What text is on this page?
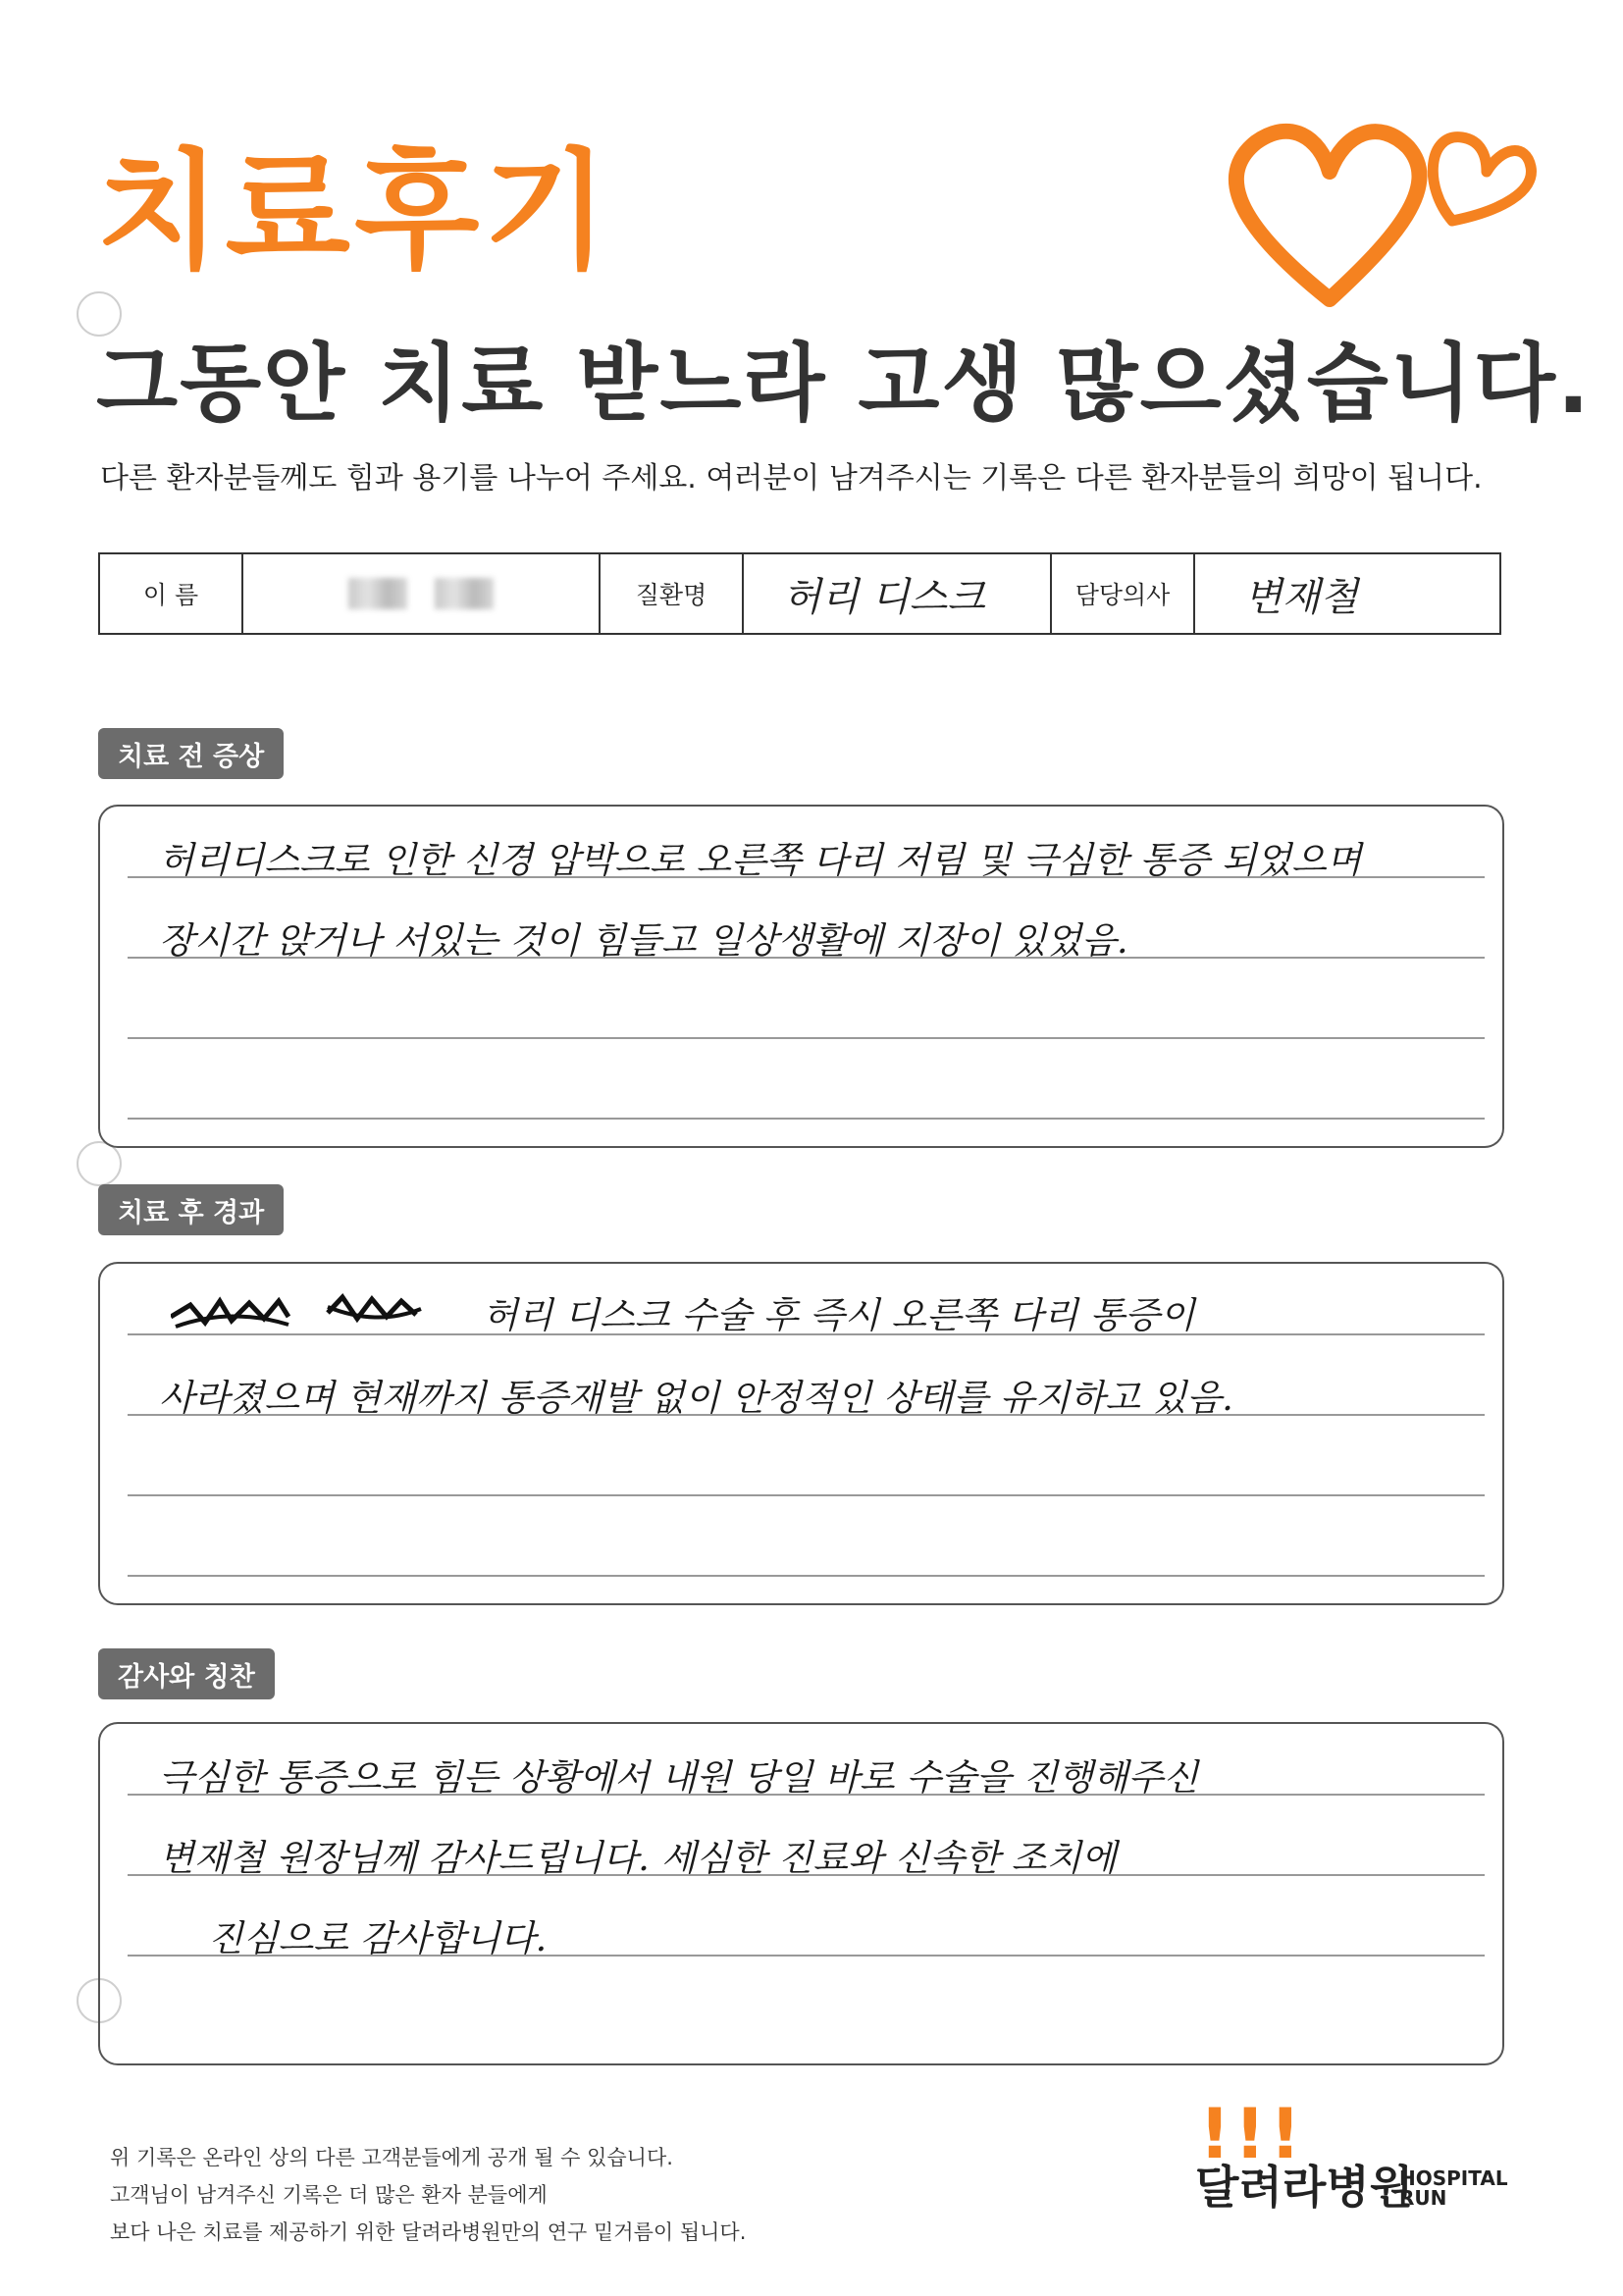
치료후기
그동안 치료 받느라 고생 많으셨습니다.
다른 환자분들께도 힘과 용기를 나누어 주세요. 여러분이 남겨주시는 기록은 다른 환자분들의 희망이 됩니다.
이 름	질환명	허리 디스크	담당의사	변재철
치료 전 증상
허리디스크로 인한 신경 압박으로 오른쪽 다리 저림 및 극심한 통증 되었으며
장시간 앉거나 서있는 것이 힘들고 일상생활에 지장이 있었음.
치료 후 경과
허리 디스크 수술 후 즉시 오른쪽 다리 통증이
사라졌으며 현재까지 통증재발 없이 안정적인 상태를 유지하고 있음.
감사와 칭찬
극심한 통증으로 힘든 상황에서 내원 당일 바로 수술을 진행해주신
변재철 원장님께 감사드립니다. 세심한 진료와 신속한 조치에
진심으로 감사합니다.
위 기록은 온라인 상의 다른 고객분들에게 공개 될 수 있습니다.
고객님이 남겨주신 기록은 더 많은 환자 분들에게
보다 나은 치료를 제공하기 위한 달려라병원만의 연구 밑거름이 됩니다.
!!!
달려라병원
HOSPITAL
RUN
